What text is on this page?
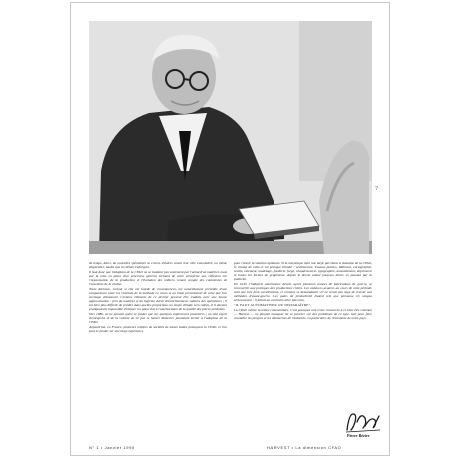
7

de temps. Alors, de nouvelles spécialités se créent, d'autres voient leur rôle s'amoindrir, ou même disparaître, tandis que les délais s'abrègent.

Il faut donc que l'adoption de la CFAO ne se traduise pas seulement par l'achat d'un matériel, mais par la mise en place d'un processus général incluant de votre entreprise une réflexion sur l'organisation de la production et l'évolution des métiers, tenant compte des contraintes de l'ensemble de la chaîne.

Toute décision, surtout si elle est lourde de conséquences, est naturellement précédée d'une comparaison entre les résultats de la méthode en cours et un bilan prévisionnel de celle que l'on envisage d'instaurer. Certains éléments de ce dernier peuvent être traduits avec une bonne approximation : prix du matériel et du logiciel, durée d'amortissement, salaires des opérateurs ; il est bien plus difficile de prédire dans quelles proportions un temps d'étude sera réduit, et il devient pratiquement impossible d'estimer les gains dus à l'amélioration de la qualité des pièces produites.

Vers 1980, on ne pouvait guère se fonder que sur quelques expériences pionnières ; un seul esprit d'entreprise et de la volonté de ne pas se laisser distancer pouvaient inciter à l'adoption de la CFAO.

Aujourd'hui, en France, plusieurs milliers de sociétés de toutes tailles pratiquent la CFAO, et l'on peut se fonder sur une large expérience

pour choisir la solution optimale. Si la mécanique tient une large part dans le domaine de la CFAO, le champ de celle-ci est presque illimité : architecture, travaux publics, bâtiment, cartographie, textile, vêtement, modelage, fonderie, forge, chaudronnerie, typographie, ameublement, imprimerie et toutes les formes de graphisme, depuis le dessin animé jusqu'au décor, en passant par la publicité.

En 1945, l'industrie américaine devait, après plusieurs années de fabrications de guerre, se reconvertir aux pratiques des productions civiles. Les cadences avaient, au cours de cette période, subi une très forte accélération, et certains se demandaient s'il ne serait pas sage de revenir aux méthodes d'avant-guerre. Les gains de productivité étaient tels que personne n'y songea sérieusement ; il fallait au contraire aller plus loin.

"IL FAUT AUTOMATISER OU DISPARAÎTRE".

La CFAO mérite la même commentaire. C'est pourquoi une revue consacrée à ce bien être commun — Harvest — ne pouvait manquer de se pencher sur des problèmes de ce type, tant pour faire connaître les progrès et les démarches de l'industrie, en particulier, de l'économie de notre pays.

Pierre Bézier
N° 1 • Janvier 1990	HARVEST • La dimension CFAO
